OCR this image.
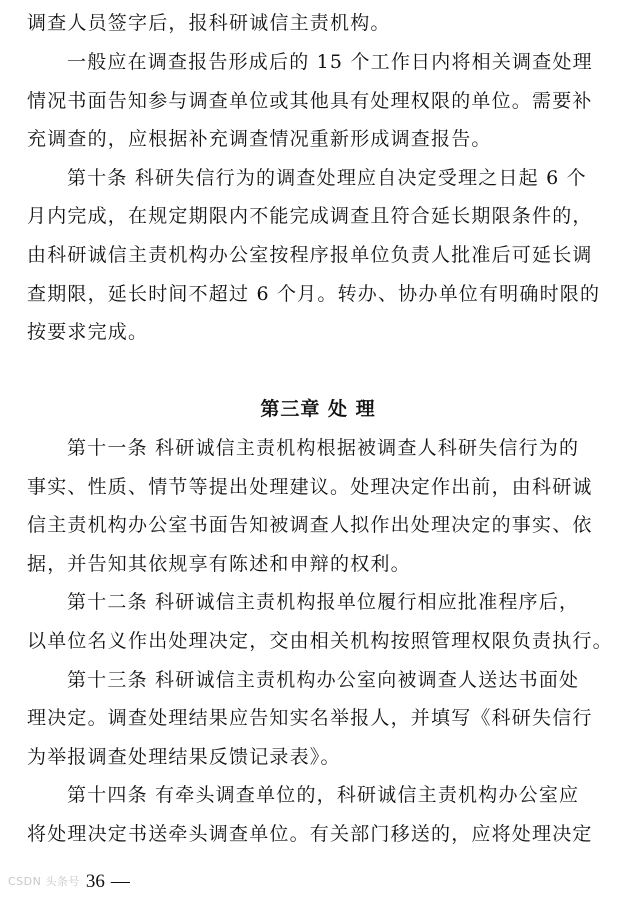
调查人员签字后，报科研诚信主责机构。
一般应在调查报告形成后的 15 个工作日内将相关调查处理
情况书面告知参与调查单位或其他具有处理权限的单位。需要补
充调查的，应根据补充调查情况重新形成调查报告。
第十条 科研失信行为的调查处理应自决定受理之日起 6 个
月内完成，在规定期限内不能完成调查且符合延长期限条件的，
由科研诚信主责机构办公室按程序报单位负责人批准后可延长调
查期限，延长时间不超过 6 个月。转办、协办单位有明确时限的
按要求完成。
第三章 处 理
第十一条 科研诚信主责机构根据被调查人科研失信行为的
事实、性质、情节等提出处理建议。处理决定作出前，由科研诚
信主责机构办公室书面告知被调查人拟作出处理决定的事实、依
据，并告知其依规享有陈述和申辩的权利。
第十二条 科研诚信主责机构报单位履行相应批准程序后，
以单位名义作出处理决定，交由相关机构按照管理权限负责执行。
第十三条 科研诚信主责机构办公室向被调查人送达书面处
理决定。调查处理结果应告知实名举报人，并填写《科研失信行
为举报调查处理结果反馈记录表》。
第十四条 有牵头调查单位的，科研诚信主责机构办公室应
将处理决定书送牵头调查单位。有关部门移送的，应将处理决定
CSDN 头条号 36 —
